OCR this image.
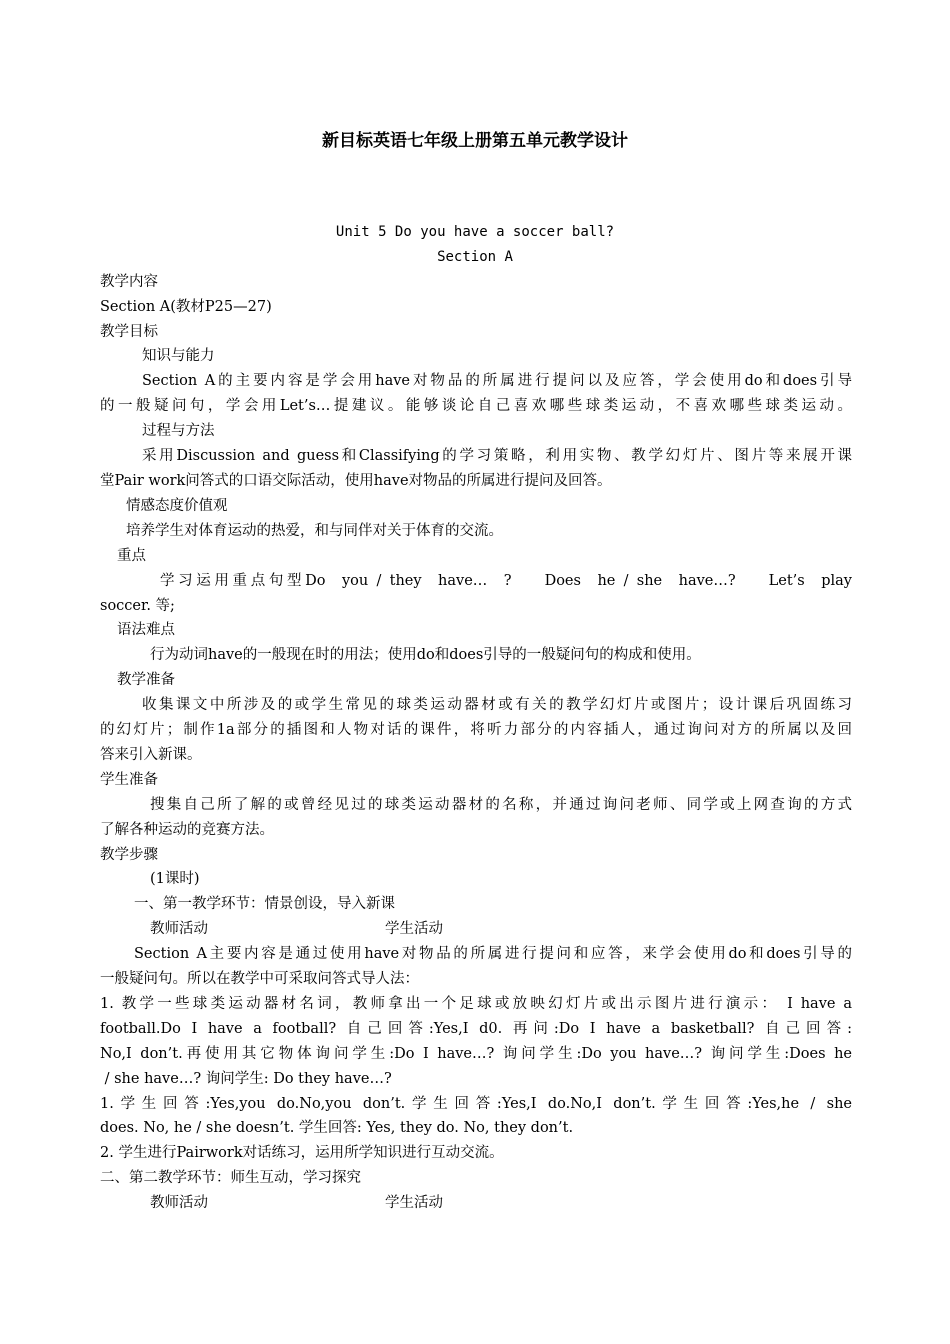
新目标英语七年级上册第五单元教学设计
Unit 5 Do you have a soccer ball?
Section A
教学内容
Section A(教材P25—27)
教学目标
知识与能力
Section A的主要内容是学会用have对物品的所属进行提问以及应答，学会使用do和does引导
的一般疑问句，学会用Let’s…提建议。能够谈论自己喜欢哪些球类运动，不喜欢哪些球类运动。
过程与方法
采用Discussion and guess和Classifying的学习策略，利用实物、教学幻灯片、图片等来展开课
堂Pair work问答式的口语交际活动，使用have对物品的所属进行提问及回答。
情感态度价值观
培养学生对体育运动的热爱，和与同伴对关于体育的交流。
重点
学习运用重点句型Do  you / they  have…  ?    Does  he / she  have…?    Let’s  play
soccer. 等;
语法难点
行为动词have的一般现在时的用法；使用do和does引导的一般疑问句的构成和使用。
教学准备
收集课文中所涉及的或学生常见的球类运动器材或有关的教学幻灯片或图片；设计课后巩固练习
的幻灯片；制作1a部分的插图和人物对话的课件，将听力部分的内容插人，通过询问对方的所属以及回
答来引入新课。
学生准备
搜集自己所了解的或曾经见过的球类运动器材的名称，并通过询问老师、同学或上网查询的方式
了解各种运动的竞赛方法。
教学步骤
(1课时)
一、第一教学环节：情景创设，导入新课
教师活动	学生活动
Section A主要内容是通过使用have对物品的所属进行提问和应答，来学会使用do和does引导的
一般疑问句。所以在教学中可采取问答式导人法：
1. 教学一些球类运动器材名词，教师拿出一个足球或放映幻灯片或出示图片进行演示： I have a
football.Do I have a football? 自己回答:Yes,I d0. 再问:Do I have a basketball? 自己回答:
No,I don’t.再使用其它物体询问学生:Do I have…? 询问学生:Do you have…? 询问学生:Does he
/ she have…? 询问学生: Do they have…?
1.学生回答:Yes,you do.No,you don’t.学生回答:Yes,I do.No,I don’t.学生回答:Yes,he / she
does. No, he / she doesn’t. 学生回答: Yes, they do. No, they don’t.
2. 学生进行Pairwork对话练习，运用所学知识进行互动交流。
二、第二教学环节：师生互动，学习探究
教师活动	学生活动
